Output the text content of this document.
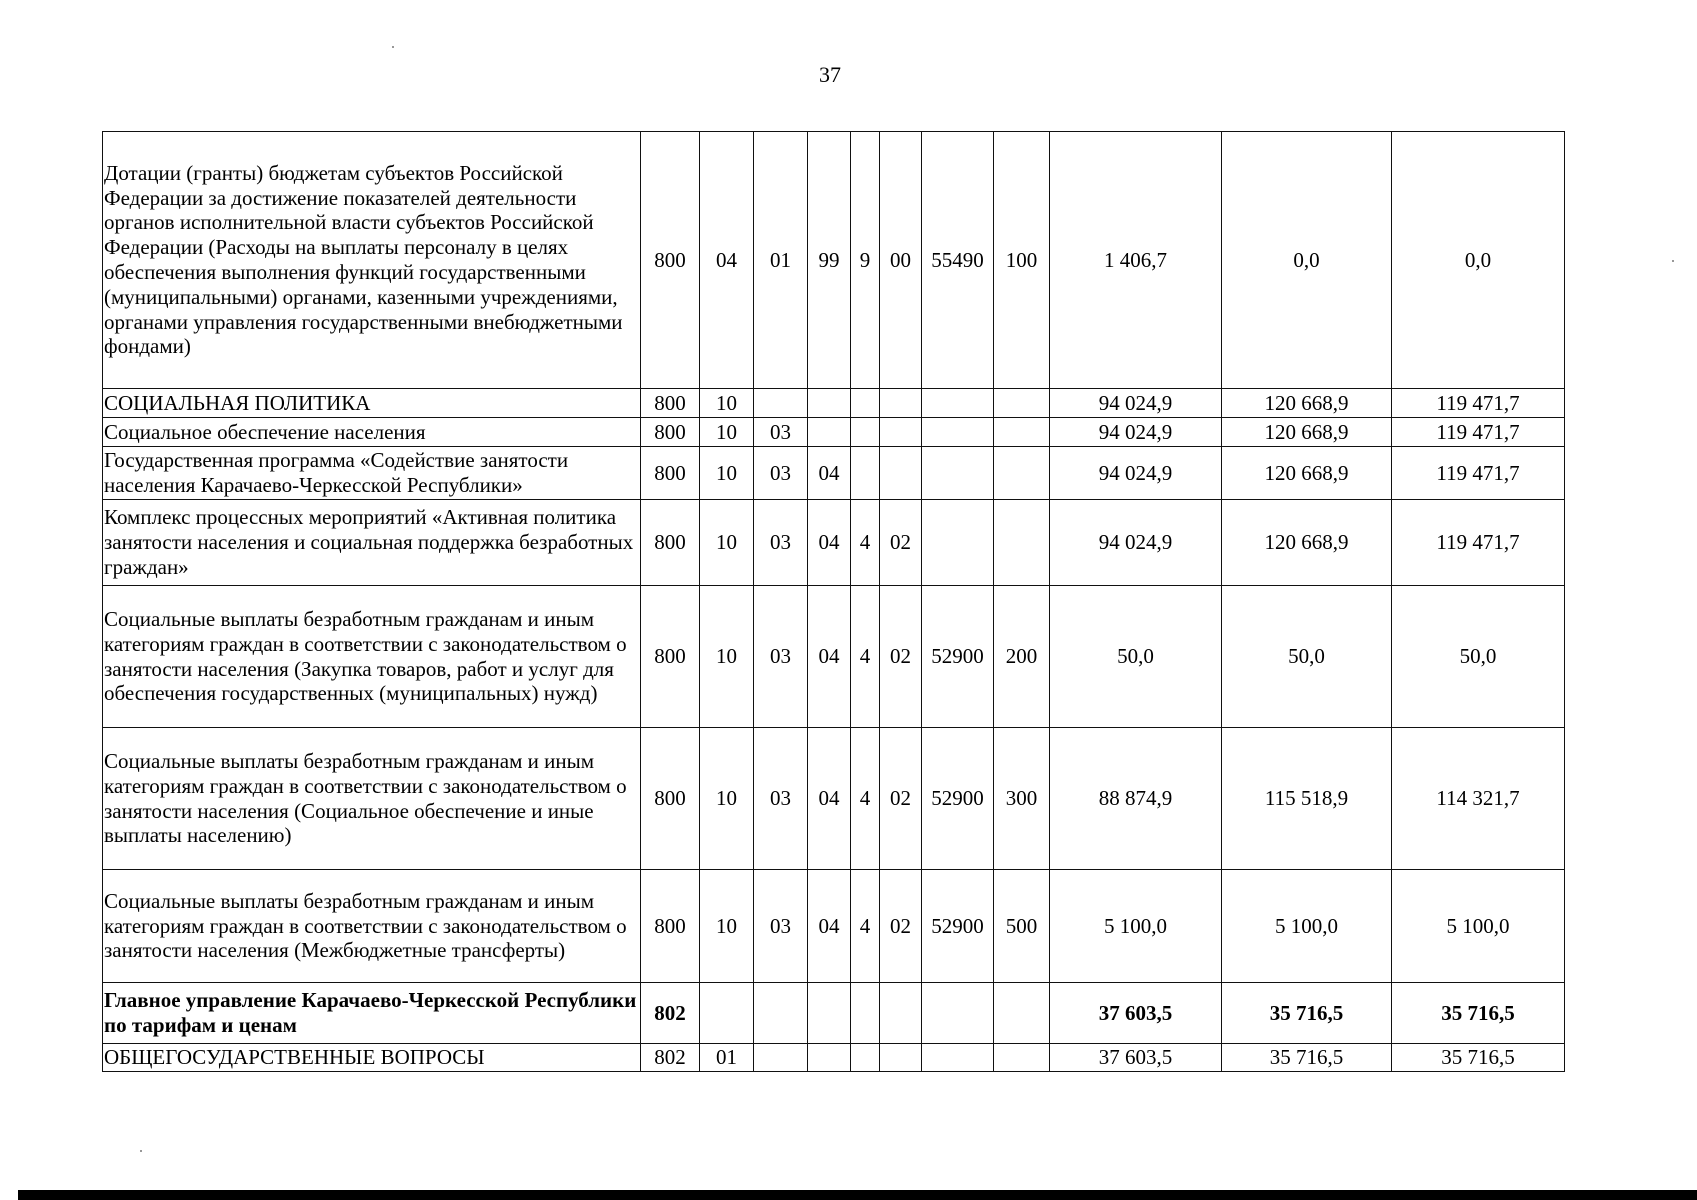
37
Дотации (гранты) бюджетам субъектов Российской Федерации за достижение показателей деятельности органов исполнительной власти субъектов Российской Федерации (Расходы на выплаты персоналу в целях обеспечения выполнения функций государственными (муниципальными) органами, казенными учреждениями, органами управления государственными внебюджетными фондами)	800	04	01	99	9	00	55490	100	1 406,7	0,0	0,0
СОЦИАЛЬНАЯ ПОЛИТИКА	800	10							94 024,9	120 668,9	119 471,7
Социальное обеспечение населения	800	10	03						94 024,9	120 668,9	119 471,7
Государственная программа «Содействие занятости населения Карачаево-Черкесской Республики»	800	10	03	04					94 024,9	120 668,9	119 471,7
Комплекс процессных мероприятий «Активная политика занятости населения и социальная поддержка безработных граждан»	800	10	03	04	4	02			94 024,9	120 668,9	119 471,7
Социальные выплаты безработным гражданам и иным категориям граждан в соответствии с законодательством о занятости населения (Закупка товаров, работ и услуг для обеспечения государственных (муниципальных) нужд)	800	10	03	04	4	02	52900	200	50,0	50,0	50,0
Социальные выплаты безработным гражданам и иным категориям граждан в соответствии с законодательством о занятости населения (Социальное обеспечение и иные выплаты населению)	800	10	03	04	4	02	52900	300	88 874,9	115 518,9	114 321,7
Социальные выплаты безработным гражданам и иным категориям граждан в соответствии с законодательством о занятости населения (Межбюджетные трансферты)	800	10	03	04	4	02	52900	500	5 100,0	5 100,0	5 100,0
Главное управление Карачаево-Черкесской Республики по тарифам и ценам	802								37 603,5	35 716,5	35 716,5
ОБЩЕГОСУДАРСТВЕННЫЕ ВОПРОСЫ	802	01							37 603,5	35 716,5	35 716,5
